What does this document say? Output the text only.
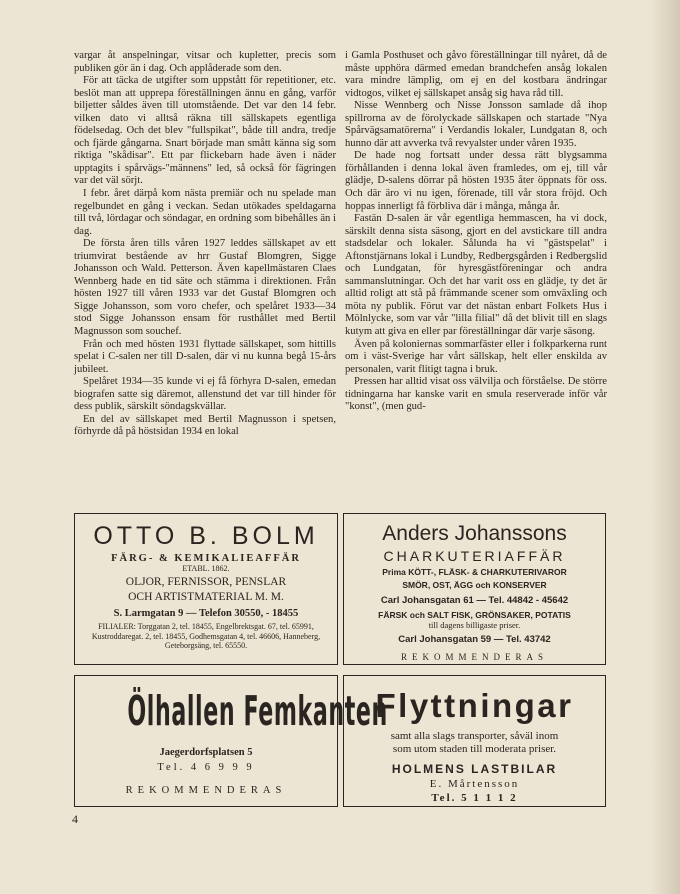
vargar åt anspelningar, vitsar och kupletter, precis som publiken gör än i dag. Och applåderade som den.

För att täcka de utgifter som uppstått för repetitioner, etc. beslöt man att upprepa föreställningen ännu en gång, varför biljetter såldes även till utomstående. Det var den 14 febr. vilken dato vi alltså räkna till sällskapets egentliga födelsedag. Och det blev "fullspikat", både till andra, tredje och fjärde gångarna. Snart började man smått känna sig som riktiga "skådisar". Ett par flickebarn hade även i näder upptagits i spårvägs-"männens" led, så också för fägringen var det väl sörjt.

I febr. året därpå kom nästa premiär och nu spelade man regelbundet en gång i veckan. Sedan utökades speldagarna till två, lördagar och söndagar, en ordning som bibehålles än i dag.

De första åren tills våren 1927 leddes sällskapet av ett triumvirat bestående av hrr Gustaf Blomgren, Sigge Johansson och Wald. Petterson. Även kapellmästaren Claes Wennberg hade en tid säte och stämma i direktionen. Från hösten 1927 till våren 1933 var det Gustaf Blomgren och Sigge Johansson, som voro chefer, och spelåret 1933—34 stod Sigge Johansson ensam för rusthållet med Bertil Magnusson som souchef.

Från och med hösten 1931 flyttade sällskapet, som hittills spelat i C-salen ner till D-salen, där vi nu kunna begå 15-års jubileet.

Spelåret 1934—35 kunde vi ej få förhyra D-salen, emedan biografen satte sig däremot, allenstund det var till hinder för dess publik, särskilt söndagskvällar.

En del av sällskapet med Bertil Magnusson i spetsen, förhyrde då på höstsidan 1934 en lokal

i Gamla Posthuset och gåvo föreställningar till nyåret, då de måste upphöra därmed emedan brandchefen ansåg lokalen vara mindre lämplig, om ej en del kostbara ändringar vidtogos, vilket ej sällskapet ansåg sig hava råd till.

Nisse Wennberg och Nisse Jonsson samlade då ihop spillrorna av de förolyckade sällskapen och startade "Nya Spårvägsamatörerna" i Verdandis lokaler, Lundgatan 8, och hunno där att avverka två revyalster under våren 1935.

De hade nog fortsatt under dessa rätt blygsamma förhållanden i denna lokal även framledes, om ej, till vår glädje, D-salens dörrar på hösten 1935 åter öppnats för oss. Och där äro vi nu igen, förenade, till vår stora fröjd. Och hoppas innerligt få förbliva där i många, många år.

Fastän D-salen är vår egentliga hemmascen, ha vi dock, särskilt denna sista säsong, gjort en del avstickare till andra stadsdelar och lokaler. Sålunda ha vi "gästspelat" i Aftonstjärnans lokal i Lundby, Redbergsgården i Redbergslid och Lundgatan, för hyresgästföreningar och andra sammanslutningar. Och det har varit oss en glädje, ty det är alltid roligt att stå på främmande scener som omväxling och möta ny publik. Förut var det nästan enbart Folkets Hus i Mölnlycke, som var vår "lilla filial" då det blivit till en slags kutym att giva en eller par föreställningar där varje säsong.

Även på koloniernas sommarfäster eller i folkparkerna runt om i väst-Sverige har vårt sällskap, helt eller enskilda av personalen, varit flitigt tagna i bruk.

Pressen har alltid visat oss välvilja och förståelse. De större tidningarna har kanske varit en smula reserverade inför vår "konst", (men gud-

OTTO B. BOLM
FÄRG- & KEMIKALIEAFFÄR
ETABL. 1862.
OLJOR, FERNISSOR, PENSLAR
OCH ARTISTMATERIAL M. M.
S. Larmgatan 9 — Telefon 30550, - 18455
FILIALER: Torggatan 2, tel. 18455, Engelbrektsgat. 67, tel. 65991, Kustroddaregat. 2, tel. 18455, Godhemsgatan 4, tel. 46606, Hanneberg, Geteborgsäng, tel. 65550.
Anders Johanssons
CHARKUTERIAFFÄR
Prima KÖTT-, FLÄSK- & CHARKUTERIVAROR
SMÖR, OST, ÄGG och KONSERVER
Carl Johansgatan 61 — Tel. 44842 - 45642
FÄRSK och SALT FISK, GRÖNSAKER, POTATIS
till dagens billigaste priser.
Carl Johansgatan 59 — Tel. 43742
REKOMMENDERAS
Ölhallen Femkanten
Jaegerdorfsplatsen 5
Tel. 4 6 9 9 9
REKOMMENDERAS
Flyttningar
samt alla slags transporter, såväl inom
som utom staden till moderata priser.
HOLMENS LASTBILAR
E. Mårtensson
Tel. 5 1 1 1 2
4
